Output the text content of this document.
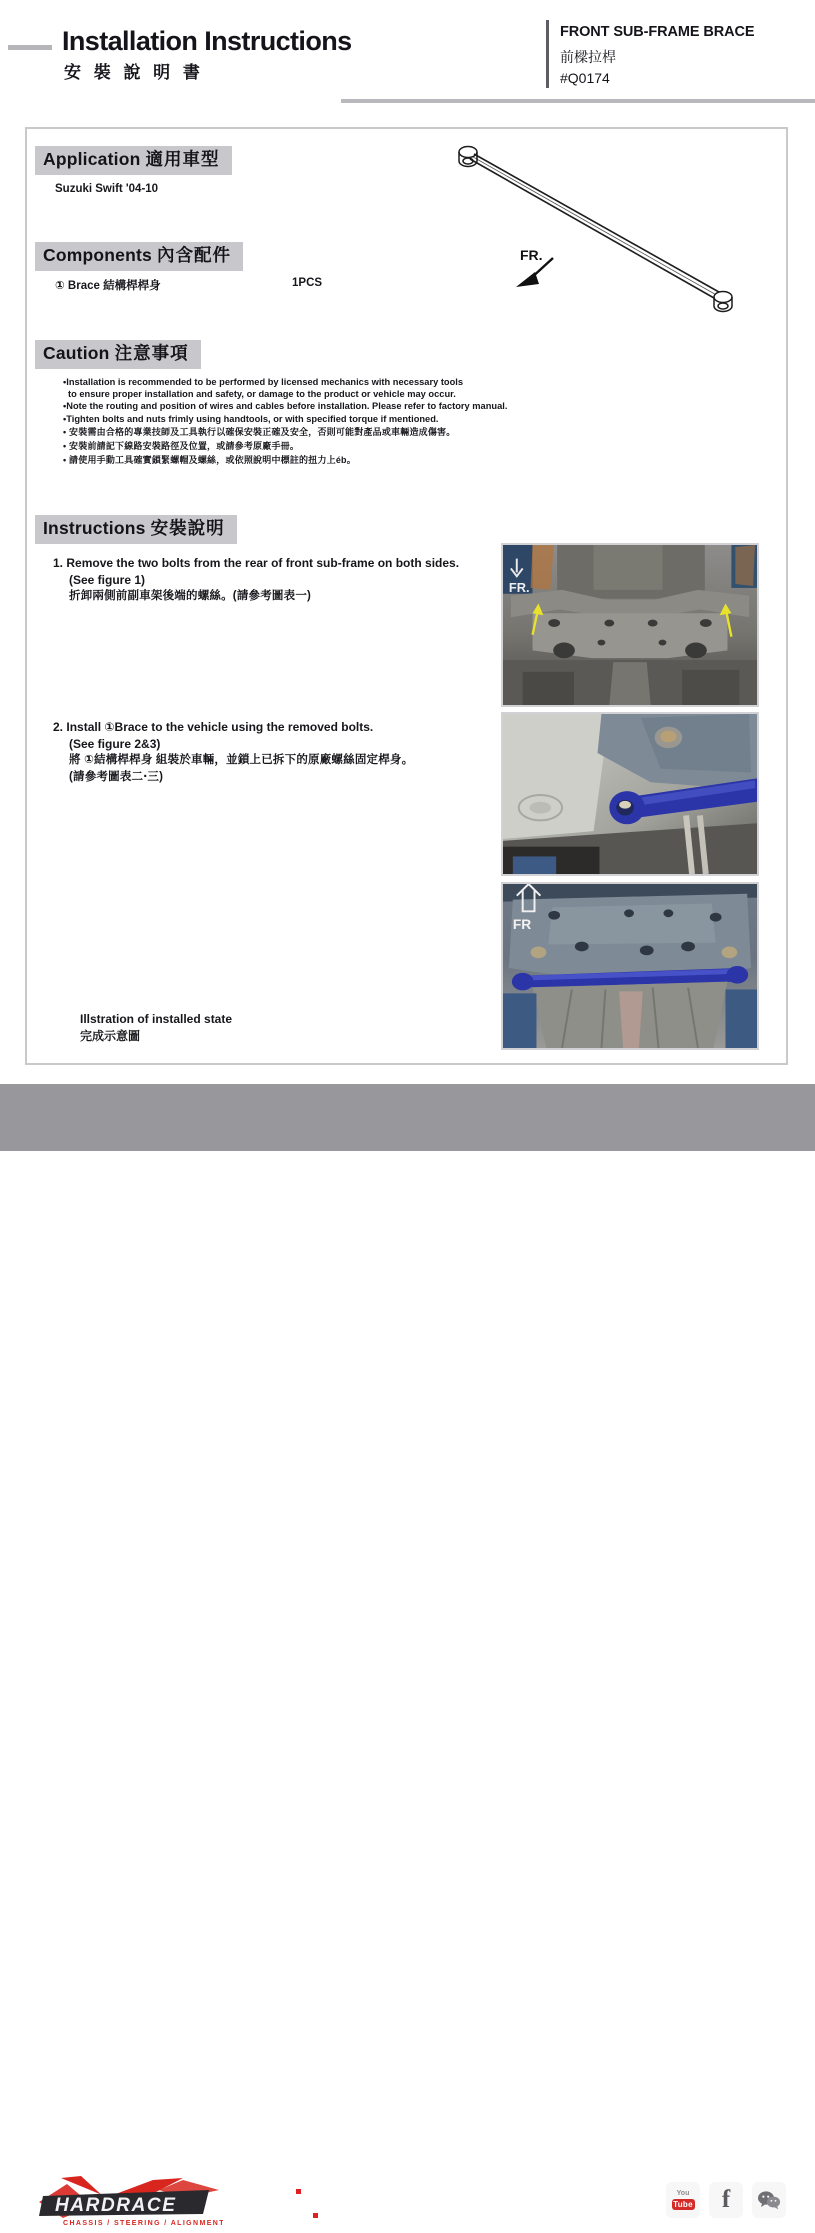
Installation Instructions
安 裝 說 明 書
FRONT SUB-FRAME BRACE
前樑拉桿
#Q0174
Application 適用車型
Suzuki Swift '04-10
Components 內含配件
① Brace 結構桿桿身	1PCS
Caution 注意事項
•Installation is recommended to be performed by licensed mechanics with necessary tools
to ensure proper installation and safety, or damage to the product or vehicle may occur.
•Note the routing and position of wires and cables before installation. Please refer to factory manual.
•Tighten bolts and nuts frimly using handtools, or with specified torque if mentioned.
• 安裝需由合格的專業技師及工具執行以確保安裝正確及安全，否則可能對產品或車輛造成傷害。
• 安裝前請記下線路安裝路徑及位置，或請參考原廠手冊。
• 請使用手動工具確實鎖緊螺帽及螺絲，或依照說明中標註的扭力上éb。
Instructions 安裝說明
1. Remove the two bolts from the rear of front sub-frame on both sides.
(See figure 1)
折卸兩側前副車架後端的螺絲。(請參考圖表一)
2. Install ①Brace to the vehicle using the removed bolts.
(See figure 2&3)
將 ①結構桿桿身 組裝於車輛，並鎖上已拆下的原廠螺絲固定桿身。
(請參考圖表二‧三)
Illstration of installed state
完成示意圖
FR.
FR.
FR
HARDRACE
CHASSIS / STEERING / ALIGNMENT
E-MAIL info@hardrace.com
WEBSITE WWW.HARDRACE.COM
You
Tube f
